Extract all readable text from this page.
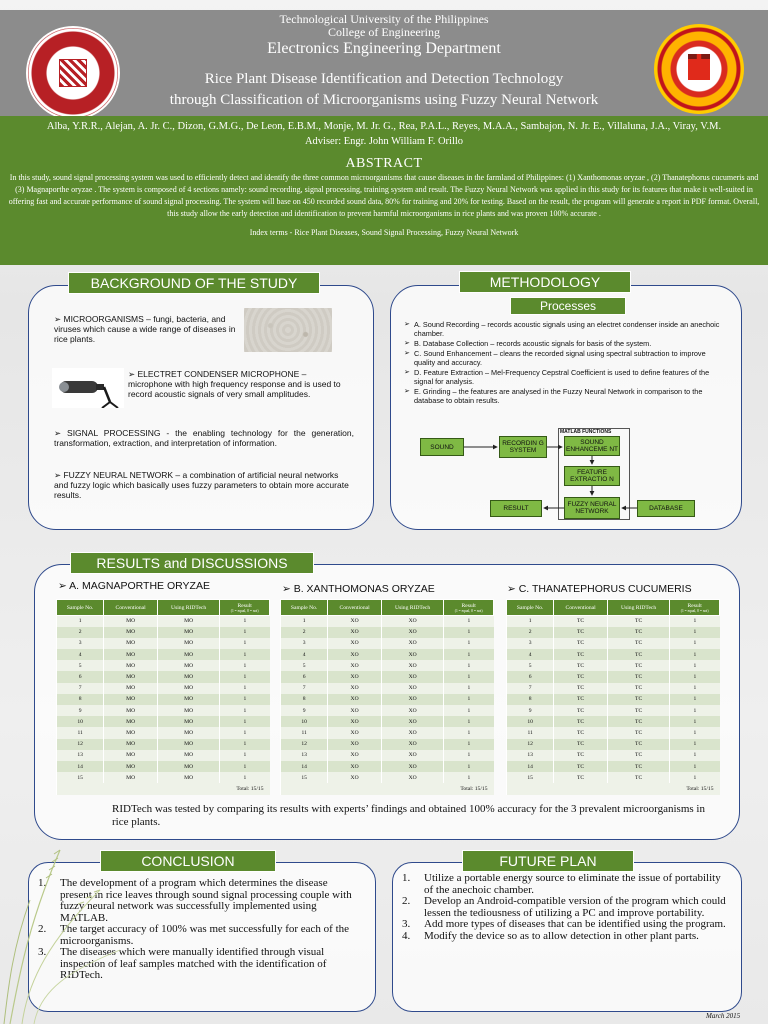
Technological University of the Philippines
College of Engineering
Electronics Engineering Department
Rice Plant Disease Identification and Detection Technology
through Classification of Microorganisms using Fuzzy Neural Network
Alba, Y.R.R., Alejan, A. Jr. C., Dizon, G.M.G., De Leon, E.B.M., Monje, M. Jr. G., Rea, P.A.L., Reyes, M.A.A., Sambajon, N. Jr. E., Villaluna, J.A., Viray, V.M.
Adviser: Engr. John William F. Orillo
ABSTRACT
In this study, sound signal processing system was used to efficiently detect and identify the three common microorganisms that cause diseases in the farmland of Philippines: (1) Xanthomonas oryzae , (2) Thanatephorus cucumeris and (3) Magnaporthe oryzae . The system is composed of 4 sections namely: sound recording, signal processing, training system and result. The Fuzzy Neural Network was applied in this study for its features that make it well-suited in offering fast and accurate performance of sound signal processing. The system will base on 450 recorded sound data, 80% for training and 20% for testing. Based on the result, the program will generate a report in PDF format. Overall, this study allow the early detection and identification to prevent harmful microorganisms in rice plants and was proven 100% accurate .
Index terms - Rice Plant Diseases, Sound Signal Processing, Fuzzy Neural Network
BACKGROUND OF THE STUDY
➢ MICROORGANISMS – fungi, bacteria, and viruses which cause a wide range of diseases in rice plants.
➢ ELECTRET CONDENSER MICROPHONE – microphone with high frequency response and is used to record acoustic signals of very small amplitudes.
➢ SIGNAL PROCESSING - the enabling technology for the generation, transformation, extraction, and interpretation of information.
➢ FUZZY NEURAL NETWORK – a combination of artificial neural networks and fuzzy logic which basically uses fuzzy parameters to obtain more accurate results.
METHODOLOGY
Processes
➢ A. Sound Recording – records acoustic signals using an electret condenser inside an anechoic chamber.
➢ B. Database Collection – records acoustic signals for basis of the system.
➢ C. Sound Enhancement – cleans the recorded signal using spectral subtraction to improve quality and accuracy.
➢ D. Feature Extraction – Mel-Frequency Cepstral Coefficient is used to define features of the signal for analysis.
➢ E. Grinding – the features are analysed in the Fuzzy Neural Network in comparison to the database to obtain results.
MATLAB FUNCTIONS
SOUND	RECORDIN G SYSTEM
SOUND ENHANCEME NT
FEATURE EXTRACTIO N
FUZZY NEURAL NETWORK
RESULT	DATABASE
RESULTS and DISCUSSIONS
➢ A. MAGNAPORTHE ORYZAE	➢ B. XANTHOMONAS ORYZAE	➢ C. THANATEPHORUS CUCUMERIS
Sample No.	Conventional	Using RIDTech	Result
(1 = equal, 0 = not)

1	MO	MO	1
2	MO	MO	1
3	MO	MO	1
4	MO	MO	1
5	MO	MO	1
6	MO	MO	1
7	MO	MO	1
8	MO	MO	1
9	MO	MO	1
10	MO	MO	1
11	MO	MO	1
12	MO	MO	1
13	MO	MO	1
14	MO	MO	1
15	MO	MO	1
Total: 15/15			
Sample No.	Conventional	Using RIDTech	Result
(1 = equal, 0 = not)

1	XO	XO	1
2	XO	XO	1
3	XO	XO	1
4	XO	XO	1
5	XO	XO	1
6	XO	XO	1
7	XO	XO	1
8	XO	XO	1
9	XO	XO	1
10	XO	XO	1
11	XO	XO	1
12	XO	XO	1
13	XO	XO	1
14	XO	XO	1
15	XO	XO	1
Total: 15/15			
Sample No.	Conventional	Using RIDTech	Result
(1 = equal, 0 = not)

1	TC	TC	1
2	TC	TC	1
3	TC	TC	1
4	TC	TC	1
5	TC	TC	1
6	TC	TC	1
7	TC	TC	1
8	TC	TC	1
9	TC	TC	1
10	TC	TC	1
11	TC	TC	1
12	TC	TC	1
13	TC	TC	1
14	TC	TC	1
15	TC	TC	1
Total: 15/15			
RIDTech was tested by comparing its results with experts’ findings and obtained 100% accuracy for the 3 prevalent microorganisms in rice plants.
CONCLUSION
1. The development of a program which determines the disease present in rice leaves through sound signal processing couple with fuzzy neural network was successfully implemented using MATLAB.
2. The target accuracy of 100% was met successfully for each of the microorganisms.
3. The diseases which were manually identified through visual inspection of leaf samples matched with the identification of RIDTech.
FUTURE PLAN
1. Utilize a portable energy source to eliminate the issue of portability of the anechoic chamber.
2. Develop an Android-compatible version of the program which could lessen the tediousness of utilizing a PC and improve portability.
3. Add more types of diseases that can be identified using the program.
4. Modify the device so as to allow detection in other plant parts.
March 2015
